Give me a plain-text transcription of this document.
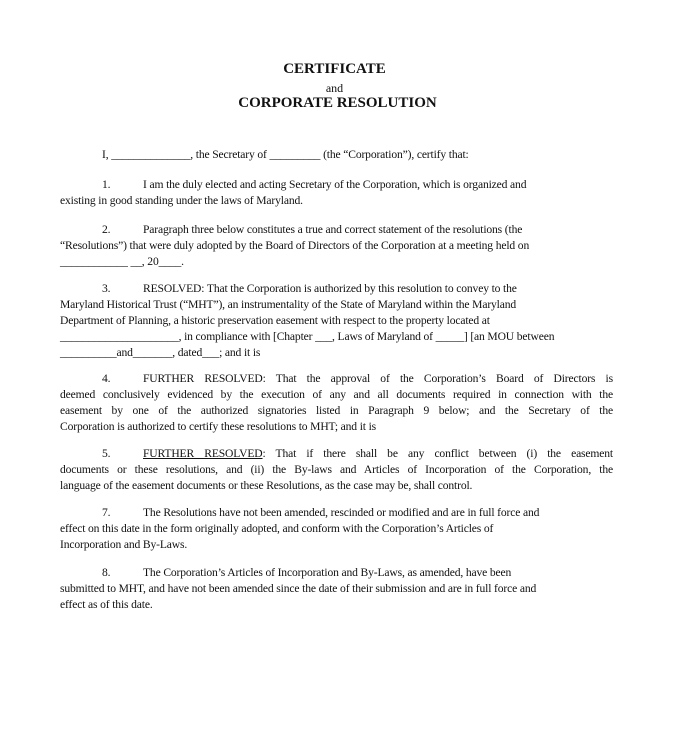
CERTIFICATE

and

CORPORATE RESOLUTION

I, ______________, the Secretary of _________ (the “Corporation”), certify that:

1.	I am the duly elected and acting Secretary of the Corporation, which is organized and
existing in good standing under the laws of Maryland.
2.	Paragraph three below constitutes a true and correct statement of the resolutions (the
“Resolutions”) that were duly adopted by the Board of Directors of the Corporation at a meeting held on
____________ __, 20____.
3.	RESOLVED: That the Corporation is authorized by this resolution to convey to the
Maryland Historical Trust (“MHT”), an instrumentality of the State of Maryland within the Maryland
Department of Planning, a historic preservation easement with respect to the property located at
_____________________, in compliance with [Chapter ___, Laws of Maryland of _____] [an MOU between
__________and_______, dated___; and it is
4.	FURTHER RESOLVED: That the approval of the Corporation’s Board of Directors is
deemed conclusively evidenced by the execution of any and all documents required in connection with the
easement by one of the authorized signatories listed in Paragraph 9 below; and the Secretary of the
Corporation is authorized to certify these resolutions to MHT; and it is
5.	FURTHER RESOLVED: That if there shall be any conflict between (i) the easement
documents or these resolutions, and (ii) the By-laws and Articles of Incorporation of the Corporation, the
language of the easement documents or these Resolutions, as the case may be, shall control.
7.	The Resolutions have not been amended, rescinded or modified and are in full force and
effect on this date in the form originally adopted, and conform with the Corporation’s Articles of
Incorporation and By-Laws.
8.	The Corporation’s Articles of Incorporation and By-Laws, as amended, have been
submitted to MHT, and have not been amended since the date of their submission and are in full force and
effect as of this date.
